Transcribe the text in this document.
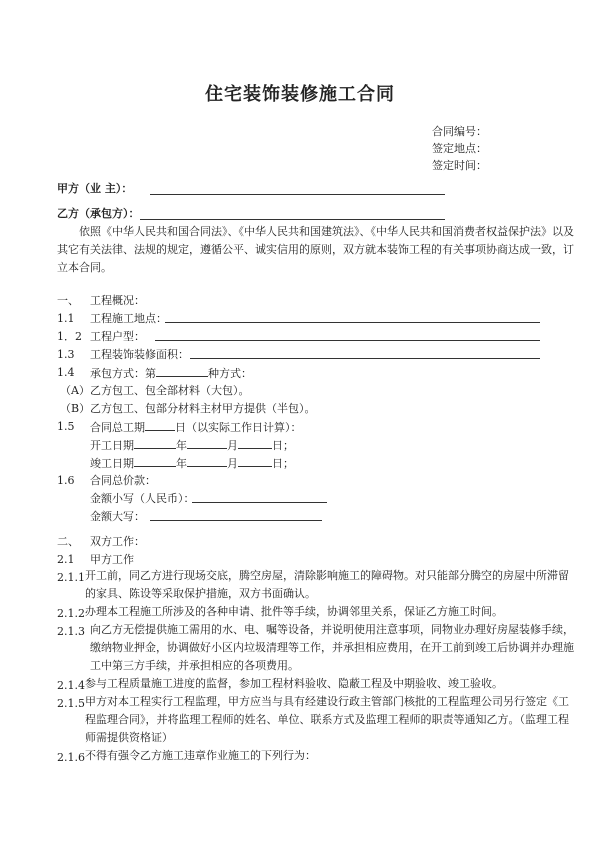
住宅装饰装修施工合同
合同编号：
签定地点：
签定时间：
甲方（业 主）：
乙方（承包方）：
依照《中华人民共和国合同法》、《中华人民共和国建筑法》、《中华人民共和国消费者权益保护法》以及其它有关法律、法规的规定，遵循公平、诚实信用的原则，双方就本装饰工程的有关事项协商达成一致，订立本合同。
一、 工程概况：
1.1 工程施工地点：
1．2 工程户型：
1.3 工程装饰装修面积：
1.4 承包方式：第	种方式：
（A） 乙方包工、包全部材料（大包）。
（B） 乙方包工、包部分材料主材甲方提供（半包）。
1.5 合同总工期	日（以实际工作日计算）：
开工日期	年	月	日；
竣工日期	年	月	日；
1.6 合同总价款：
金额小写（人民币）：
金额大写：
二、 双方工作：
2.1 甲方工作
2.1.1 开工前，同乙方进行现场交底，腾空房屋，清除影响施工的障碍物。对只能部分腾空的房屋中所滞留的家具、陈设等采取保护措施，双方书面确认。
2.1.2 办理本工程施工所涉及的各种申请、批件等手续，协调邻里关系，保证乙方施工时间。
2.1.3 向乙方无偿提供施工需用的水、电、嘱等设备，并说明使用注意事项，同物业办理好房屋装修手续，缴纳物业押金，协调做好小区内垃圾清理等工作，并承担相应费用，在开工前到竣工后协调并办理施工中第三方手续，并承担相应的各项费用。
2.1.4 参与工程质量施工进度的监督，参加工程材料验收、隐蔽工程及中期验收、竣工验收。
2.1.5 甲方对本工程实行工程监理，甲方应当与具有经建设行政主管部门核批的工程监理公司另行签定《工程监理合同》，并将监理工程师的姓名、单位、联系方式及监理工程师的职责等通知乙方。（监理工程师需提供资格证）
2.1.6 不得有强令乙方施工违章作业施工的下列行为：
